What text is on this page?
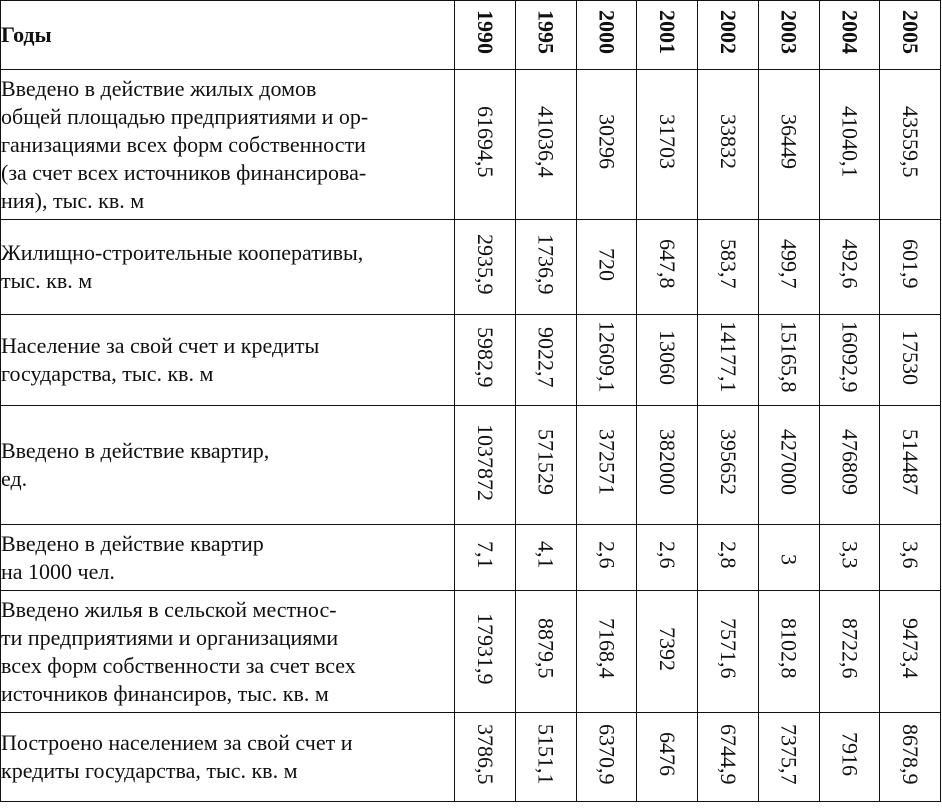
Годы	1990	1995	2000	2001	2002	2003	2004	2005

Введено в действие жилых домов
общей площадью предприятиями и ор-
ганизациями всех форм собственности
(за счет всех источников финансирова-
ния), тыс. кв. м	61694,5	41036,4	30296	31703	33832	36449	41040,1	43559,5

Жилищно-строительные кооперативы,
тыс. кв. м	2935,9	1736,9	720	647,8	583,7	499,7	492,6	601,9

Население за свой счет и кредиты
государства, тыс. кв. м	5982,9	9022,7	12609,1	13060	14177,1	15165,8	16092,9	17530

Введено в действие квартир,
ед.	1037872	571529	372571	382000	395652	427000	476809	514487

Введено в действие квартир
на 1000 чел.	7,1	4,1	2,6	2,6	2,8	3	3,3	3,6

Введено жилья в сельской местнос-
ти предприятиями и организациями
всех форм собственности за счет всех
источников финансиров, тыс. кв. м	17931,9	8879,5	7168,4	7392	7571,6	8102,8	8722,6	9473,4

Построено населением за свой счет и
кредиты государства, тыс. кв. м	3786,5	5151,1	6370,9	6476	6744,9	7375,7	7916	8678,9
